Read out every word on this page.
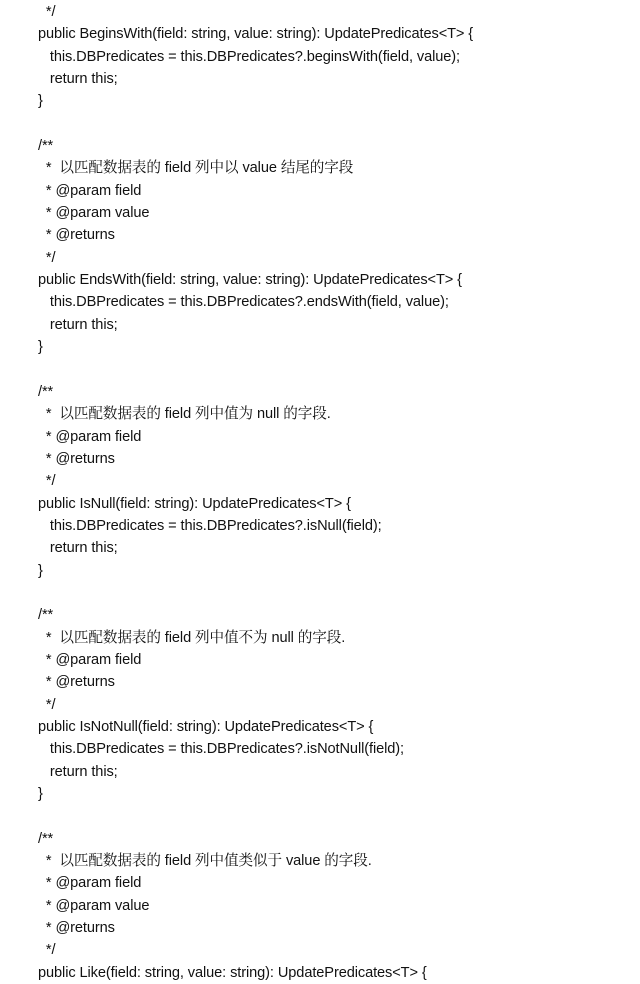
*/
public BeginsWith(field: string, value: string): UpdatePredicates<T> {
this.DBPredicates = this.DBPredicates?.beginsWith(field, value);
return this;
}
/**
*  以匹配数据表的 field 列中以 value 结尾的字段
* @param field
* @param value
* @returns
*/
public EndsWith(field: string, value: string): UpdatePredicates<T> {
this.DBPredicates = this.DBPredicates?.endsWith(field, value);
return this;
}
/**
*  以匹配数据表的 field 列中值为 null 的字段.
* @param field
* @returns
*/
public IsNull(field: string): UpdatePredicates<T> {
this.DBPredicates = this.DBPredicates?.isNull(field);
return this;
}
/**
*  以匹配数据表的 field 列中值不为 null 的字段.
* @param field
* @returns
*/
public IsNotNull(field: string): UpdatePredicates<T> {
this.DBPredicates = this.DBPredicates?.isNotNull(field);
return this;
}
/**
*  以匹配数据表的 field 列中值类似于 value 的字段.
* @param field
* @param value
* @returns
*/
public Like(field: string, value: string): UpdatePredicates<T> {
